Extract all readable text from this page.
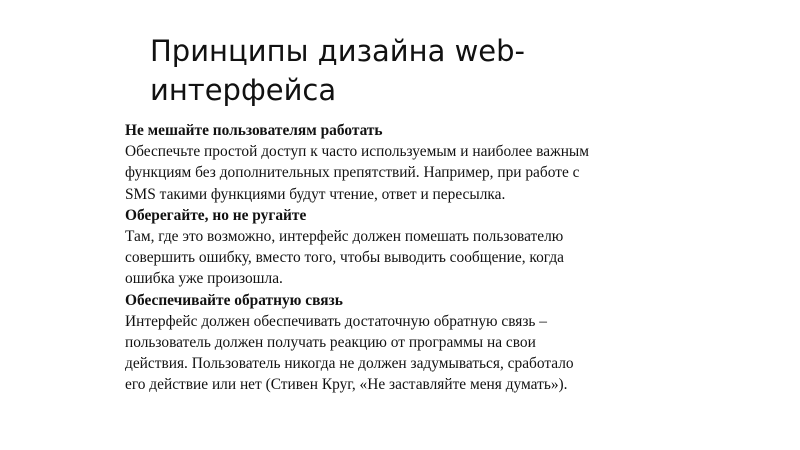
Принципы дизайна web-
интерфейса

Не мешайте пользователям работать

Обеспечьте простой доступ к часто используемым и наиболее важным
функциям без дополнительных препятствий. Например, при работе с
SMS такими функциями будут чтение, ответ и пересылка.

Оберегайте, но не ругайте

Там, где это возможно, интерфейс должен помешать пользователю
совершить ошибку, вместо того, чтобы выводить сообщение, когда
ошибка уже произошла.

Обеспечивайте обратную связь

Интерфейс должен обеспечивать достаточную обратную связь –
пользователь должен получать реакцию от программы на свои
действия. Пользователь никогда не должен задумываться, сработало
его действие или нет (Стивен Круг, «Не заставляйте меня думать»).
